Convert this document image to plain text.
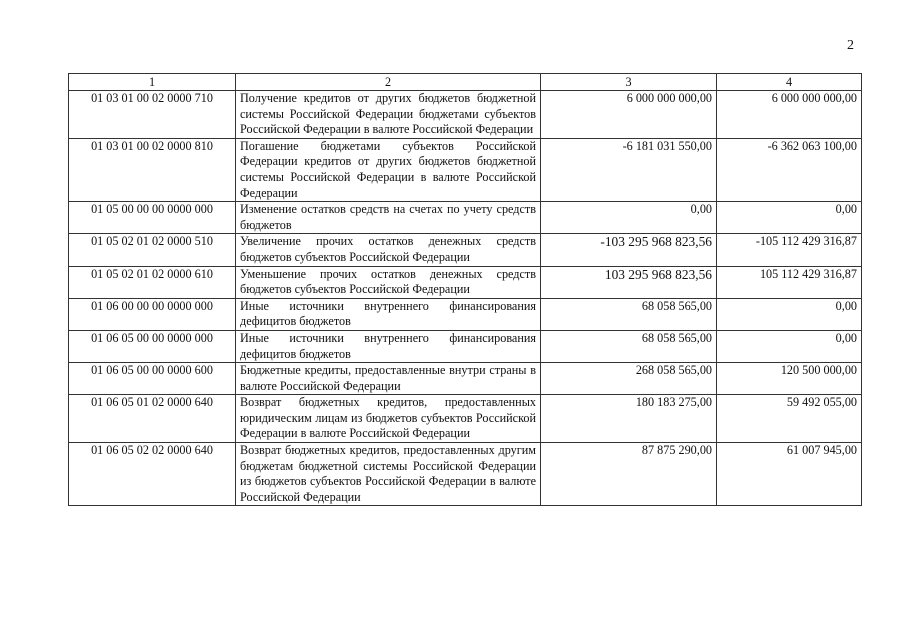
2
1	2	3	4
01 03 01 00 02 0000 710	Получение кредитов от других бюджетов бюджетной системы Российской Федерации бюджетами субъектов Российской Федерации в валюте Российской Федерации	6 000 000 000,00	6 000 000 000,00
01 03 01 00 02 0000 810	Погашение бюджетами субъектов Российской Федерации кредитов от других бюджетов бюджетной системы Российской Федерации в валюте Российской Федерации	-6 181 031 550,00	-6 362 063 100,00
01 05 00 00 00 0000 000	Изменение остатков средств на счетах по учету средств бюджетов	0,00	0,00
01 05 02 01 02 0000 510	Увеличение прочих остатков денежных средств бюджетов субъектов Российской Федерации	-103 295 968 823,56	-105 112 429 316,87
01 05 02 01 02 0000 610	Уменьшение прочих остатков денежных средств бюджетов субъектов Российской Федерации	103 295 968 823,56	105 112 429 316,87
01 06 00 00 00 0000 000	Иные источники внутреннего финансирования дефицитов бюджетов	68 058 565,00	0,00
01 06 05 00 00 0000 000	Иные источники внутреннего финансирования дефицитов бюджетов	68 058 565,00	0,00
01 06 05 00 00 0000 600	Бюджетные кредиты, предоставленные внутри страны в валюте Российской Федерации	268 058 565,00	120 500 000,00
01 06 05 01 02 0000 640	Возврат бюджетных кредитов, предоставленных юридическим лицам из бюджетов субъектов Российской Федерации в валюте Российской Федерации	180 183 275,00	59 492 055,00
01 06 05 02 02 0000 640	Возврат бюджетных кредитов, предоставленных другим бюджетам бюджетной системы Российской Федерации из бюджетов субъектов Российской Федерации в валюте Российской Федерации	87 875 290,00	61 007 945,00
